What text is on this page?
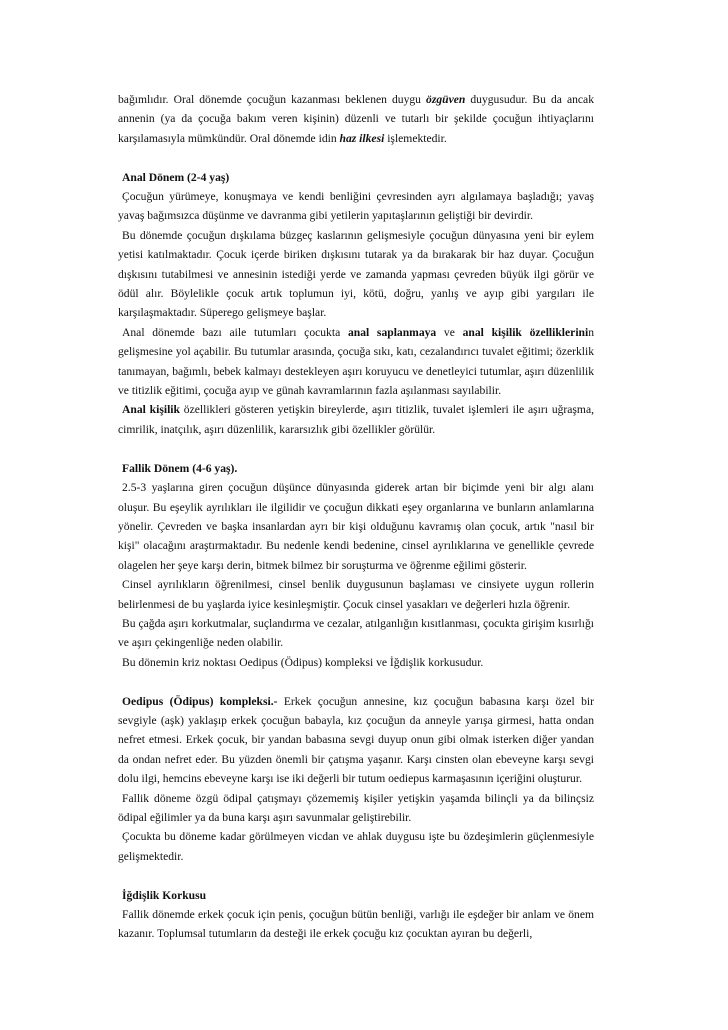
bağımlıdır. Oral dönemde çocuğun kazanması beklenen duygu özgüven duygusudur. Bu da ancak annenin (ya da çocuğa bakım veren kişinin) düzenli ve tutarlı bir şekilde çocuğun ihtiyaçlarını karşılamasıyla mümkündür. Oral dönemde idin haz ilkesi işlemektedir.

Anal Dönem (2-4 yaş)

Çocuğun yürümeye, konuşmaya ve kendi benliğini çevresinden ayrı algılamaya başladığı; yavaş yavaş bağımsızca düşünme ve davranma gibi yetilerin yapıtaşlarının geliştiği bir devirdir.

Bu dönemde çocuğun dışkılama büzgeç kaslarının gelişmesiyle çocuğun dünyasına yeni bir eylem yetisi katılmaktadır. Çocuk içerde biriken dışkısını tutarak ya da bırakarak bir haz duyar. Çocuğun dışkısını tutabilmesi ve annesinin istediği yerde ve zamanda yapması çevreden büyük ilgi görür ve ödül alır. Böylelikle çocuk artık toplumun iyi, kötü, doğru, yanlış ve ayıp gibi yargıları ile karşılaşmaktadır. Süperego gelişmeye başlar.

Anal dönemde bazı aile tutumları çocukta anal saplanmaya ve anal kişilik özelliklerinin gelişmesine yol açabilir. Bu tutumlar arasında, çocuğa sıkı, katı, cezalandırıcı tuvalet eğitimi; özerklik tanımayan, bağımlı, bebek kalmayı destekleyen aşırı koruyucu ve denetleyici tutumlar, aşırı düzenlilik ve titizlik eğitimi, çocuğa ayıp ve günah kavramlarının fazla aşılanması sayılabilir.

Anal kişilik özellikleri gösteren yetişkin bireylerde, aşırı titizlik, tuvalet işlemleri ile aşırı uğraşma, cimrilik, inatçılık, aşırı düzenlilik, kararsızlık gibi özellikler görülür.

Fallik Dönem (4-6 yaş).

2.5-3 yaşlarına giren çocuğun düşünce dünyasında giderek artan bir biçimde yeni bir algı alanı oluşur. Bu eşeylik ayrılıkları ile ilgilidir ve çocuğun dikkati eşey organlarına ve bunların anlamlarına yönelir. Çevreden ve başka insanlardan ayrı bir kişi olduğunu kavramış olan çocuk, artık "nasıl bir kişi" olacağını araştırmaktadır. Bu nedenle kendi bedenine, cinsel ayrılıklarına ve genellikle çevrede olagelen her şeye karşı derin, bitmek bilmez bir soruşturma ve öğrenme eğilimi gösterir.

Cinsel ayrılıkların öğrenilmesi, cinsel benlik duygusunun başlaması ve cinsiyete uygun rollerin belirlenmesi de bu yaşlarda iyice kesinleşmiştir. Çocuk cinsel yasakları ve değerleri hızla öğrenir.

Bu çağda aşırı korkutmalar, suçlandırma ve cezalar, atılganlığın kısıtlanması, çocukta girişim kısırlığı ve aşırı çekingenliğe neden olabilir.

Bu dönemin kriz noktası Oedipus (Ödipus) kompleksi ve İğdişlik korkusudur.

Oedipus (Ödipus) kompleksi.- Erkek çocuğun annesine, kız çocuğun babasına karşı özel bir sevgiyle (aşk) yaklaşıp erkek çocuğun babayla, kız çocuğun da anneyle yarışa girmesi, hatta ondan nefret etmesi. Erkek çocuk, bir yandan babasına sevgi duyup onun gibi olmak isterken diğer yandan da ondan nefret eder. Bu yüzden önemli bir çatışma yaşanır. Karşı cinsten olan ebeveyne karşı sevgi dolu ilgi, hemcins ebeveyne karşı ise iki değerli bir tutum oediepus karmaşasının içeriğini oluşturur.

Fallik döneme özgü ödipal çatışmayı çözememiş kişiler yetişkin yaşamda bilinçli ya da bilinçsiz ödipal eğilimler ya da buna karşı aşırı savunmalar geliştirebilir.

Çocukta bu döneme kadar görülmeyen vicdan ve ahlak duygusu işte bu özdeşimlerin güçlenmesiyle gelişmektedir.

İğdişlik Korkusu

Fallik dönemde erkek çocuk için penis, çocuğun bütün benliği, varlığı ile eşdeğer bir anlam ve önem kazanır. Toplumsal tutumların da desteği ile erkek çocuğu kız çocuktan ayıran bu değerli,
